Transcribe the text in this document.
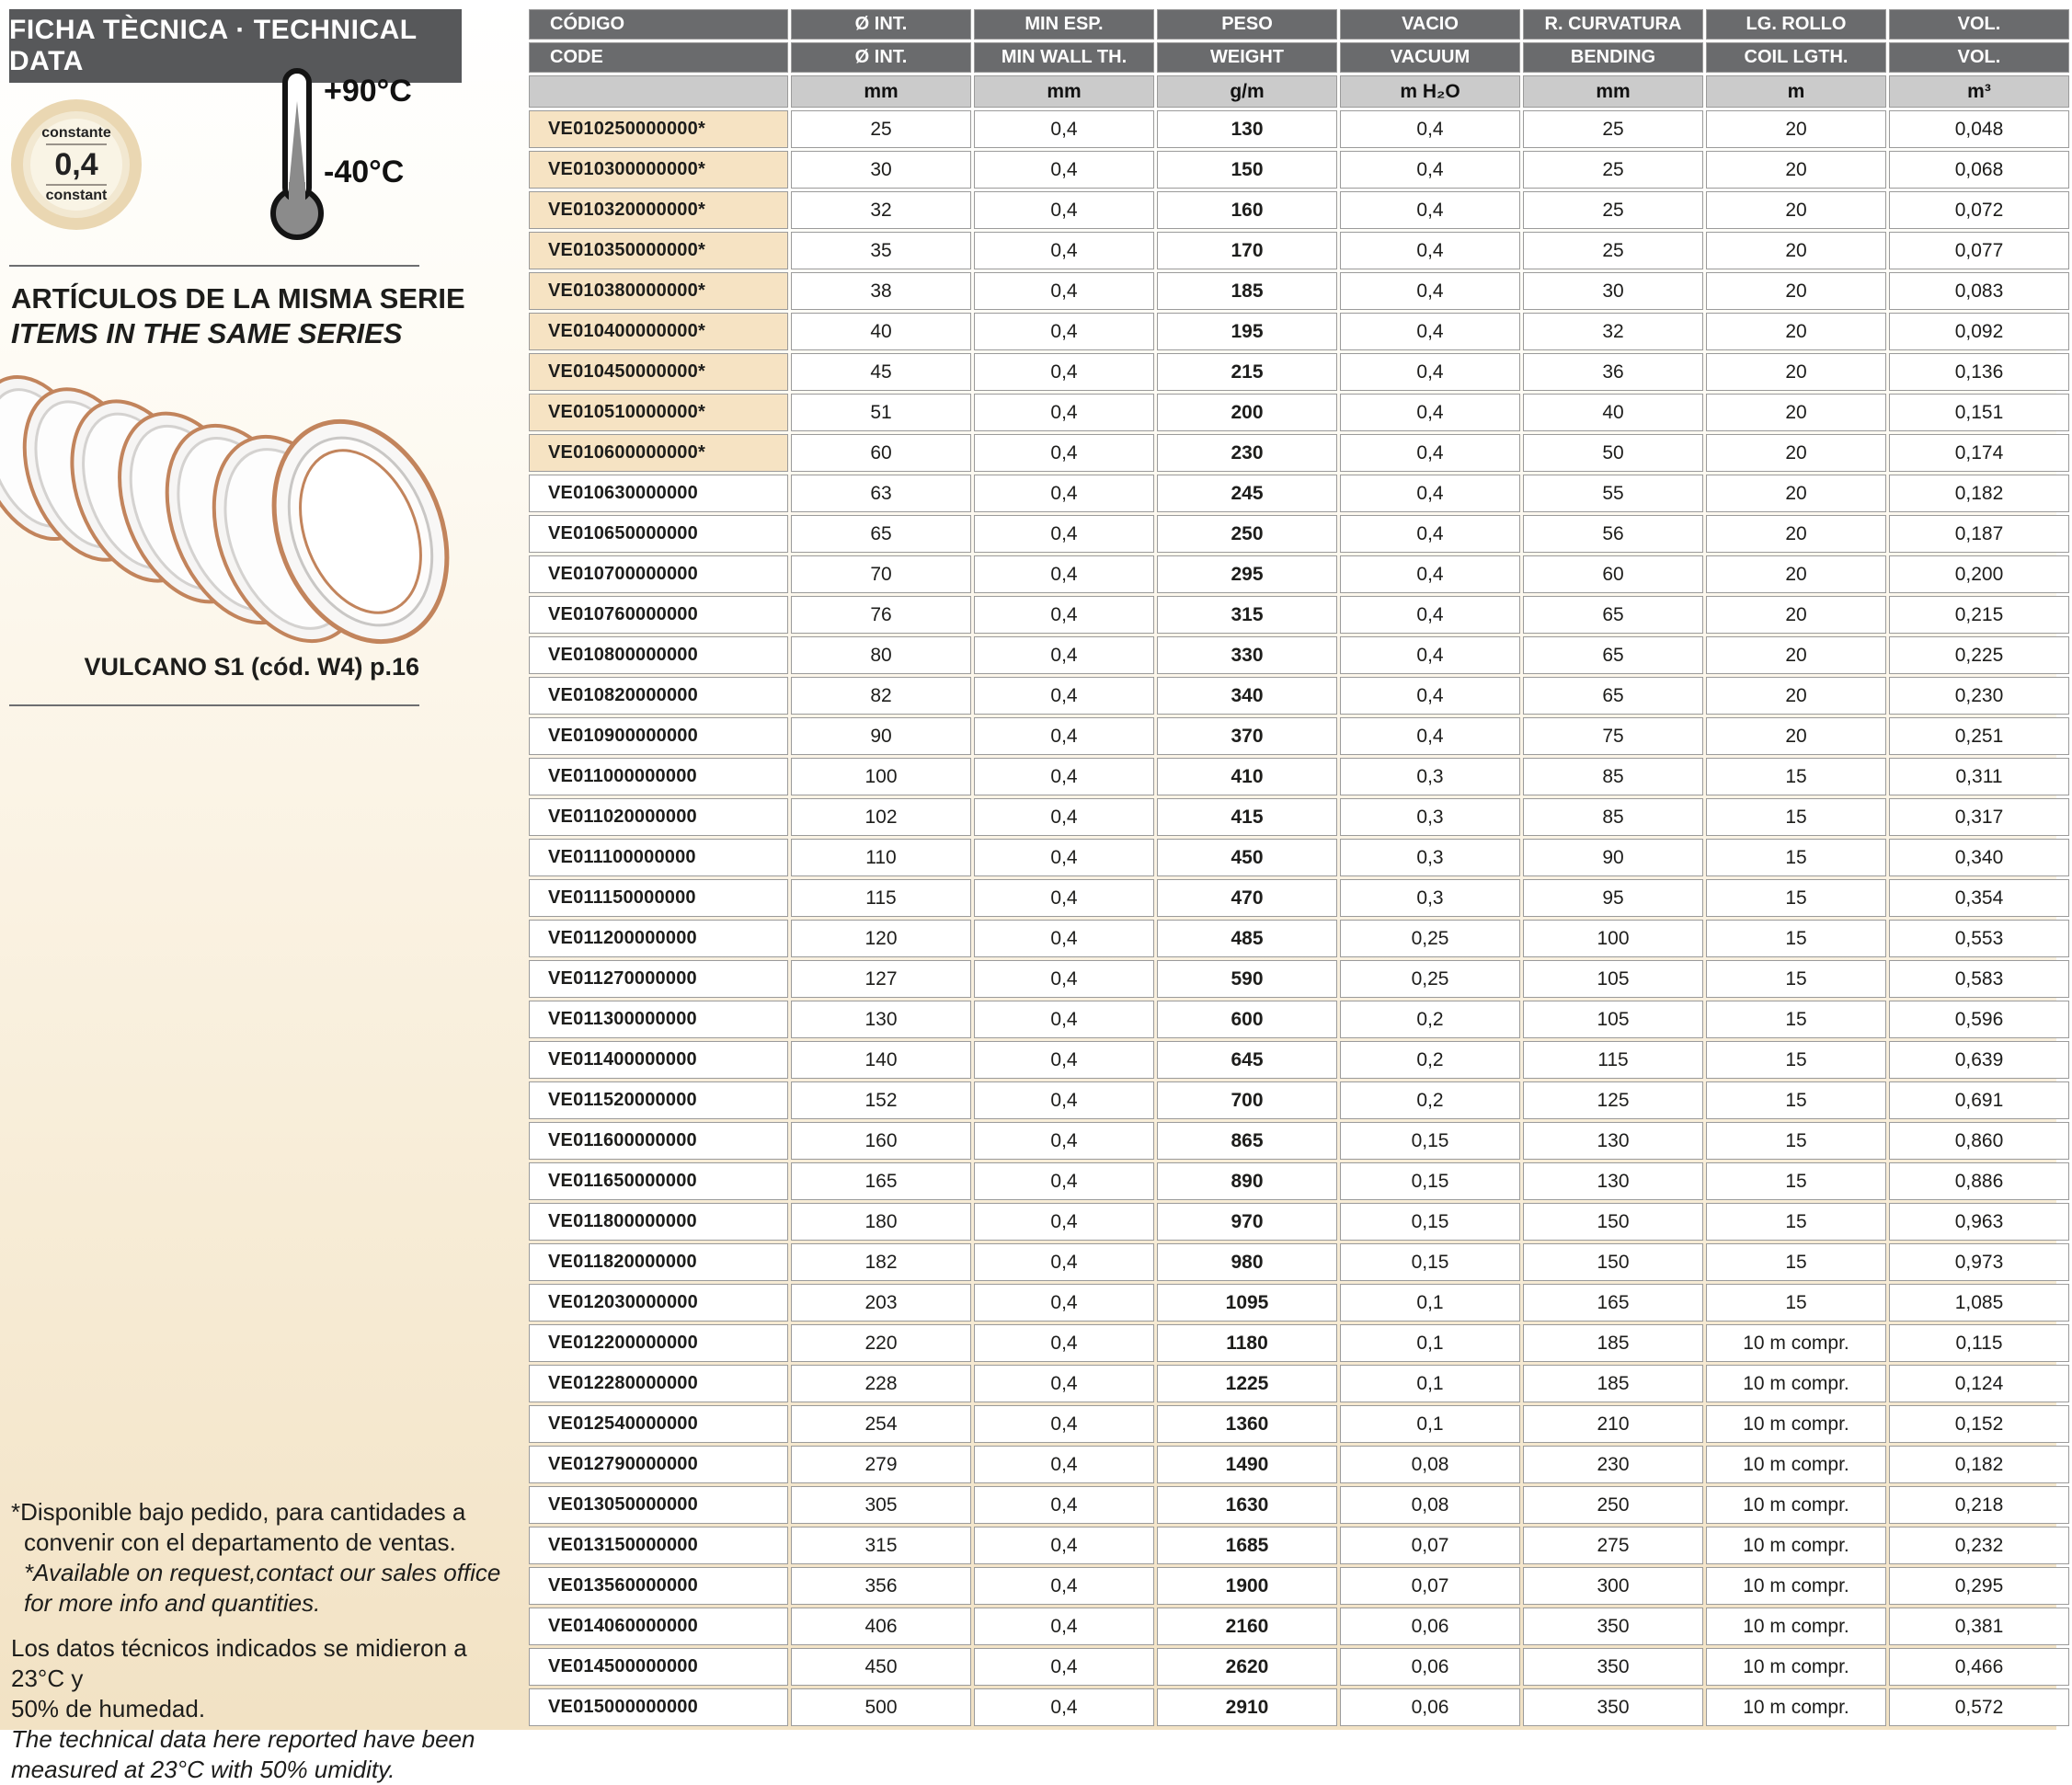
FICHA TÈCNICA · TECHNICAL DATA
constante
0,4
constant
+90°C
-40°C
ARTÍCULOS DE LA MISMA SERIE
ITEMS IN THE SAME SERIES
VULCANO S1 (cód. W4) p.16
*Disponible bajo pedido, para cantidades a
convenir con el departamento de ventas.
*Available on request,contact our sales office
for more info and quantities.
Los datos técnicos indicados se midieron a 23°C y
50% de humedad.
The technical data here reported have been
measured at 23°C with 50% umidity.
CÓDIGO	Ø INT.	MIN ESP.	PESO	VACIO	R. CURVATURA	LG. ROLLO	VOL.
CODE	Ø INT.	MIN WALL TH.	WEIGHT	VACUUM	BENDING	COIL LGTH.	VOL.
	mm	mm	g/m	m H₂O	mm	m	m³
VE010250000000*	25	0,4	130	0,4	25	20	0,048
VE010300000000*	30	0,4	150	0,4	25	20	0,068
VE010320000000*	32	0,4	160	0,4	25	20	0,072
VE010350000000*	35	0,4	170	0,4	25	20	0,077
VE010380000000*	38	0,4	185	0,4	30	20	0,083
VE010400000000*	40	0,4	195	0,4	32	20	0,092
VE010450000000*	45	0,4	215	0,4	36	20	0,136
VE010510000000*	51	0,4	200	0,4	40	20	0,151
VE010600000000*	60	0,4	230	0,4	50	20	0,174
VE010630000000	63	0,4	245	0,4	55	20	0,182
VE010650000000	65	0,4	250	0,4	56	20	0,187
VE010700000000	70	0,4	295	0,4	60	20	0,200
VE010760000000	76	0,4	315	0,4	65	20	0,215
VE010800000000	80	0,4	330	0,4	65	20	0,225
VE010820000000	82	0,4	340	0,4	65	20	0,230
VE010900000000	90	0,4	370	0,4	75	20	0,251
VE011000000000	100	0,4	410	0,3	85	15	0,311
VE011020000000	102	0,4	415	0,3	85	15	0,317
VE011100000000	110	0,4	450	0,3	90	15	0,340
VE011150000000	115	0,4	470	0,3	95	15	0,354
VE011200000000	120	0,4	485	0,25	100	15	0,553
VE011270000000	127	0,4	590	0,25	105	15	0,583
VE011300000000	130	0,4	600	0,2	105	15	0,596
VE011400000000	140	0,4	645	0,2	115	15	0,639
VE011520000000	152	0,4	700	0,2	125	15	0,691
VE011600000000	160	0,4	865	0,15	130	15	0,860
VE011650000000	165	0,4	890	0,15	130	15	0,886
VE011800000000	180	0,4	970	0,15	150	15	0,963
VE011820000000	182	0,4	980	0,15	150	15	0,973
VE012030000000	203	0,4	1095	0,1	165	15	1,085
VE012200000000	220	0,4	1180	0,1	185	10 m compr.	0,115
VE012280000000	228	0,4	1225	0,1	185	10 m compr.	0,124
VE012540000000	254	0,4	1360	0,1	210	10 m compr.	0,152
VE012790000000	279	0,4	1490	0,08	230	10 m compr.	0,182
VE013050000000	305	0,4	1630	0,08	250	10 m compr.	0,218
VE013150000000	315	0,4	1685	0,07	275	10 m compr.	0,232
VE013560000000	356	0,4	1900	0,07	300	10 m compr.	0,295
VE014060000000	406	0,4	2160	0,06	350	10 m compr.	0,381
VE014500000000	450	0,4	2620	0,06	350	10 m compr.	0,466
VE015000000000	500	0,4	2910	0,06	350	10 m compr.	0,572
